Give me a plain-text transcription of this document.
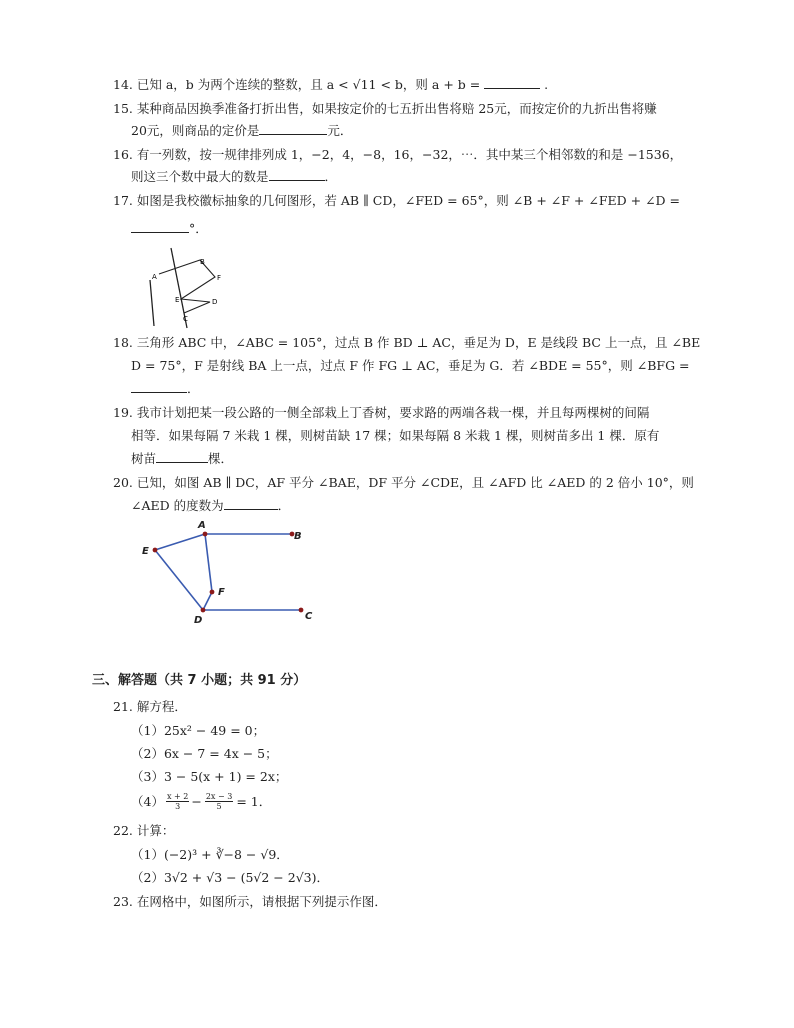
14. 已知 a，b 为两个连续的整数，且 a < √11 < b，则 a + b =	.
15. 某种商品因换季准备打折出售，如果按定价的七五折出售将赔 25元，而按定价的九折出售将赚
20元，则商品的定价是	元．
16. 有一列数，按一规律排列成 1，−2，4，−8，16，−32，⋯．其中某三个相邻数的和是 −1536，
则这三个数中最大的数是	．
17. 如图是我校徽标抽象的几何图形，若 AB ∥ CD，∠FED = 65°，则 ∠B + ∠F + ∠FED + ∠D =
°．
A
B
F
E	D
C
18. 三角形 ABC 中，∠ABC = 105°，过点 B 作 BD ⊥ AC，垂足为 D，E 是线段 BC 上一点，且 ∠BE
D = 75°，F 是射线 BA 上一点，过点 F 作 FG ⊥ AC，垂足为 G．若 ∠BDE = 55°，则 ∠BFG =
．
19. 我市计划把某一段公路的一侧全部栽上丁香树，要求路的两端各栽一棵，并且每两棵树的间隔
相等．如果每隔 7 米栽 1 棵，则树苗缺 17 棵；如果每隔 8 米栽 1 棵，则树苗多出 1 棵．原有
树苗	棵．
20. 已知，如图 AB ∥ DC，AF 平分 ∠BAE，DF 平分 ∠CDE，且 ∠AFD 比 ∠AED 的 2 倍小 10°，则
∠AED 的度数为	．
A
B
E
F
D	C
三、解答题（共 7 小题；共 91 分）
21. 解方程．
（1）25x² − 49 = 0；
（2）6x − 7 = 4x − 5；
（3）3 − 5(x + 1) = 2x；
$(4) \frac{x + 2}{3} - \frac{2x - 3}{5} = 1$．
22. 计算：
（1）(−2)³ + ∛−8 − √9．
（2）3√2 + √3 − (5√2 − 2√3)．
23. 在网格中，如图所示，请根据下列提示作图．
